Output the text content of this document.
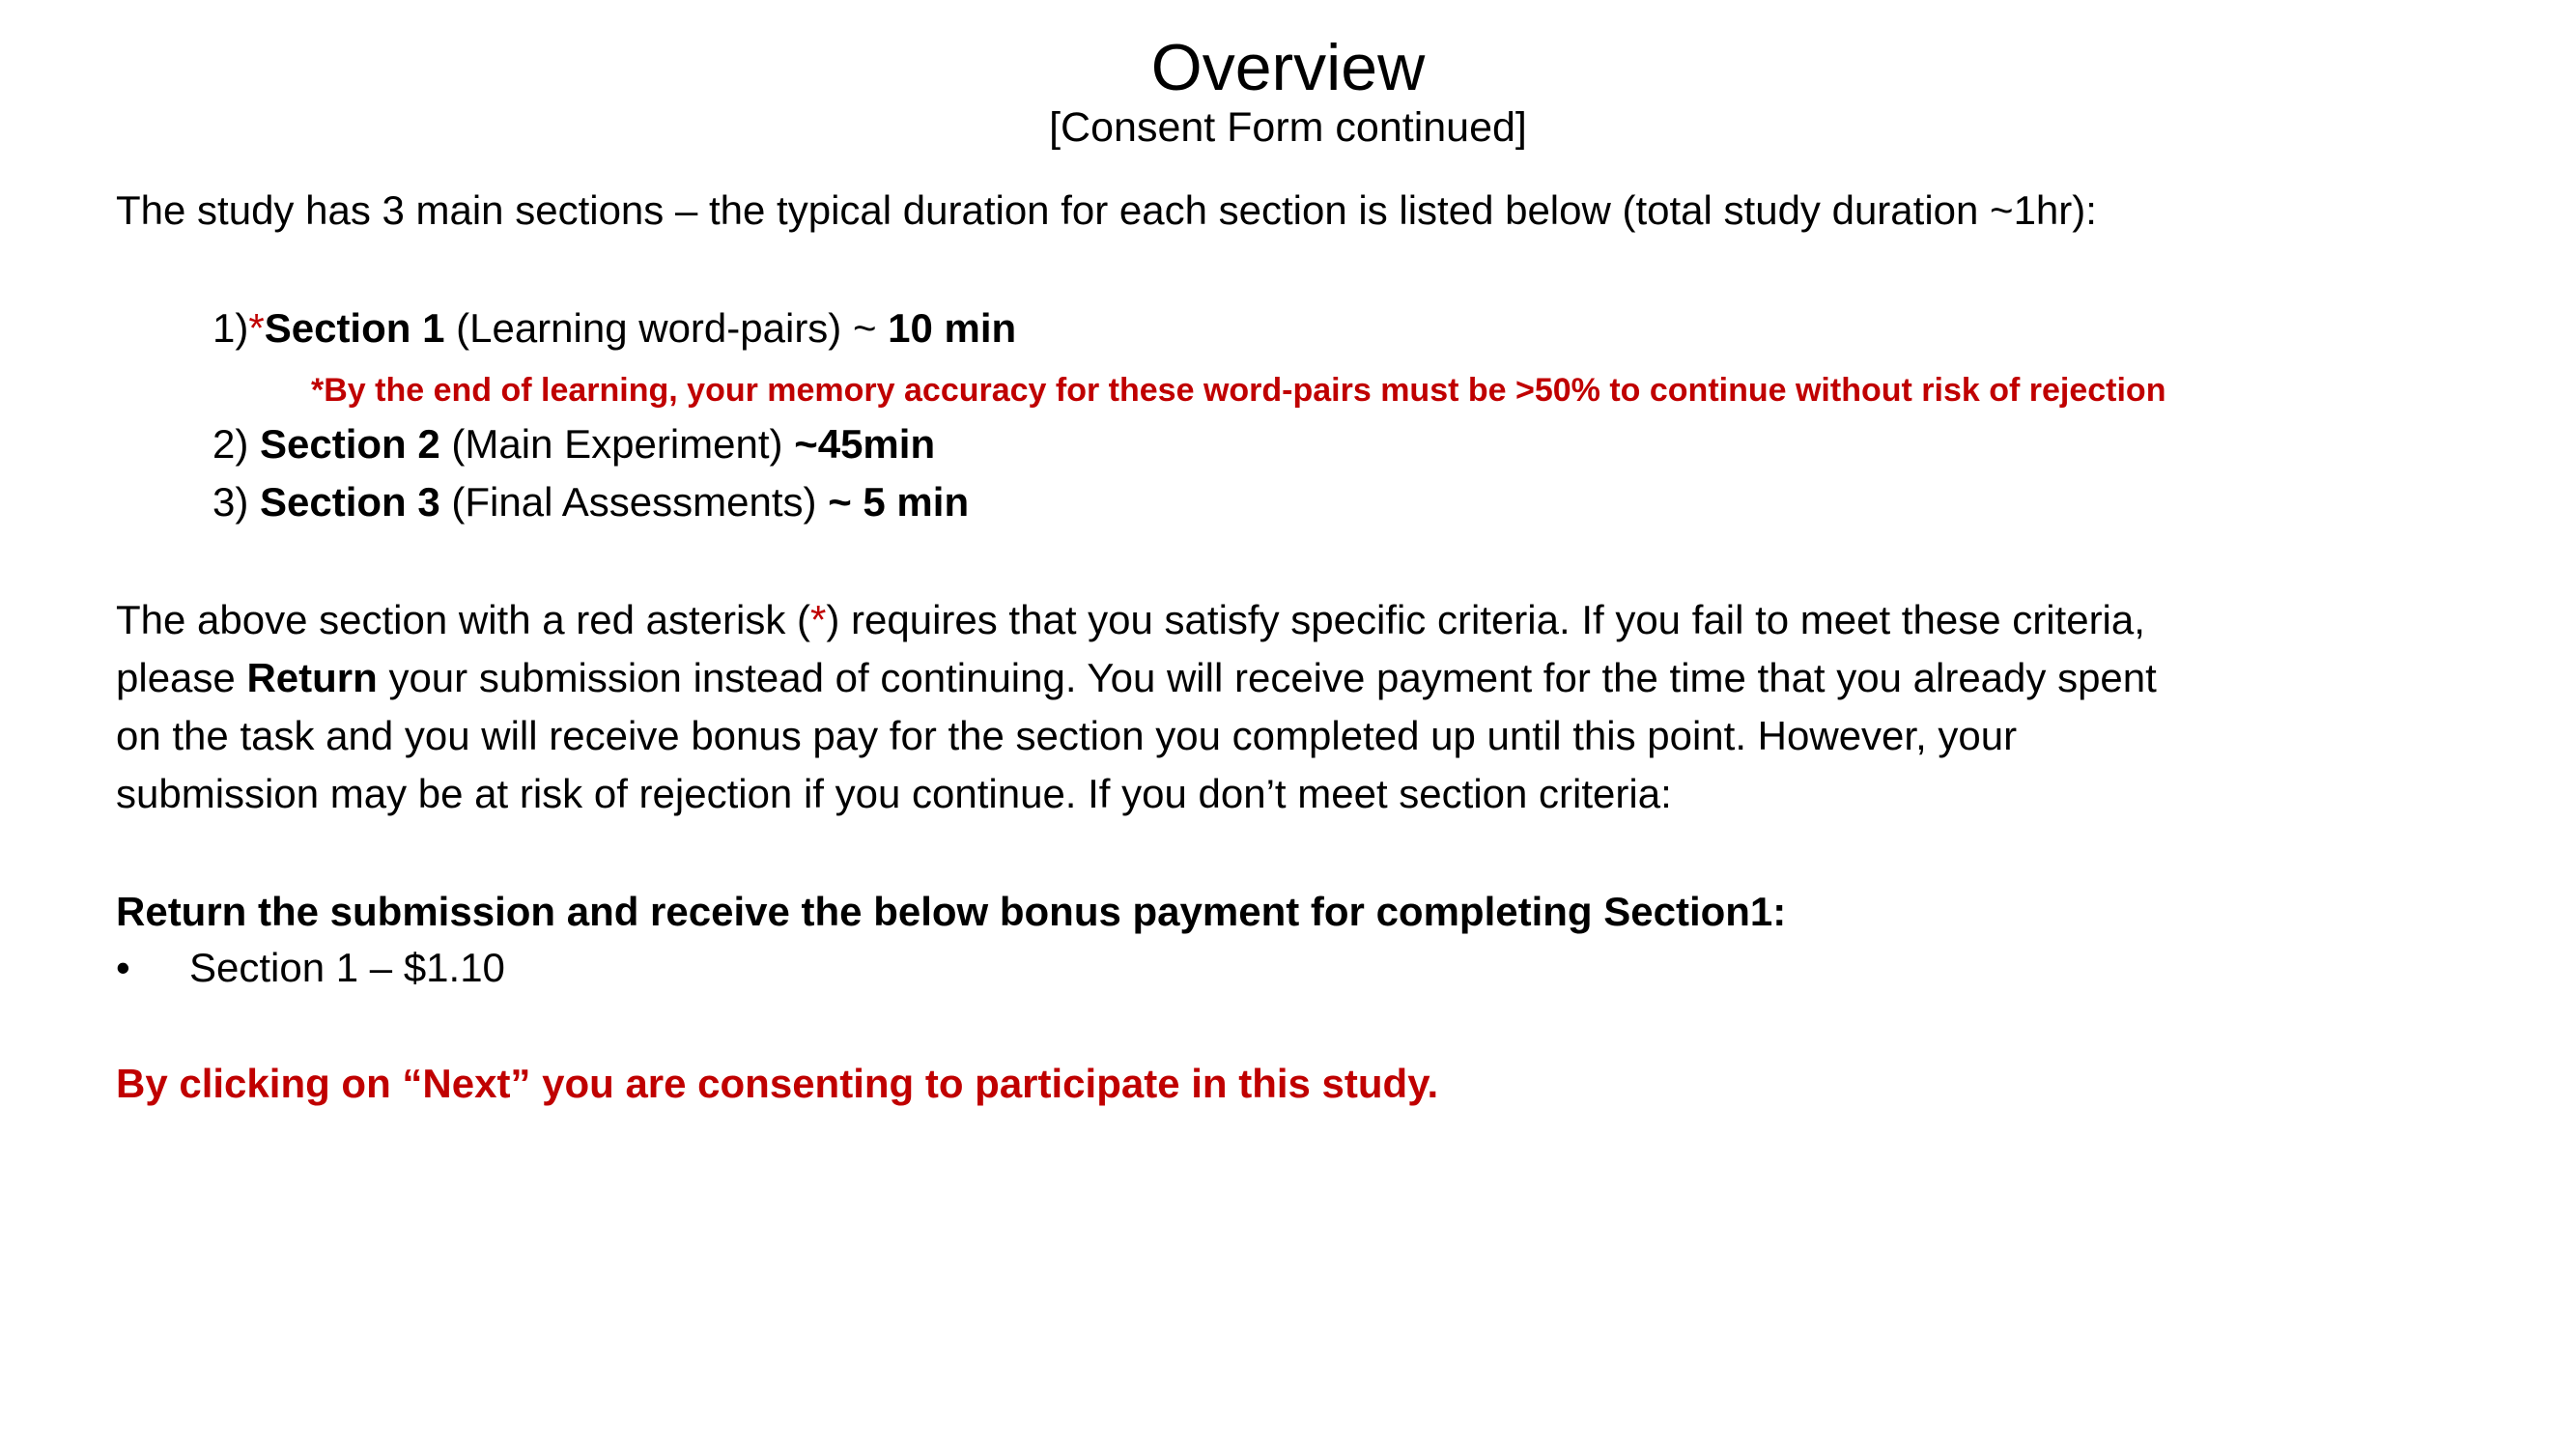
Overview
[Consent Form continued]
The study has 3 main sections – the typical duration for each section is listed below (total study duration ~1hr):
1)*Section 1 (Learning word-pairs) ~ 10 min
*By the end of learning, your memory accuracy for these word-pairs must be >50% to continue without risk of rejection
2) Section 2 (Main Experiment) ~45min
3) Section 3 (Final Assessments) ~ 5 min
The above section with a red asterisk (*) requires that you satisfy specific criteria. If you fail to meet these criteria,
please Return your submission instead of continuing. You will receive payment for the time that you already spent
on the task and you will receive bonus pay for the section you completed up until this point. However, your
submission may be at risk of rejection if you continue. If you don’t meet section criteria:
Return the submission and receive the below bonus payment for completing Section1:
• Section 1 – $1.10
By clicking on “Next” you are consenting to participate in this study.
